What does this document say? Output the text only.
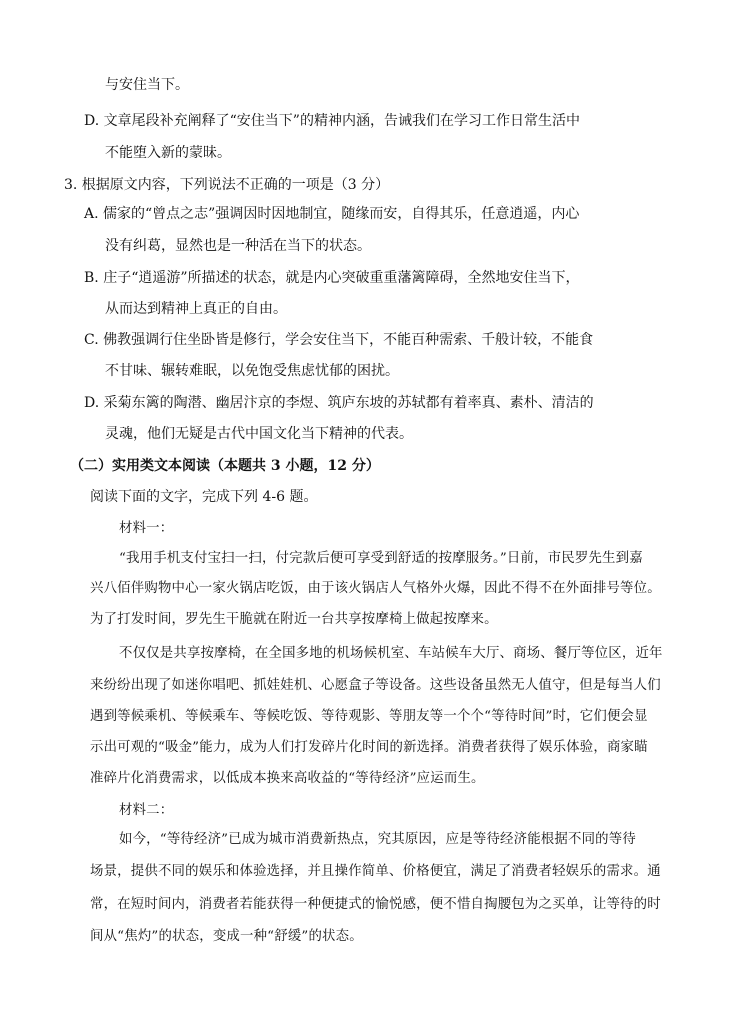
与安住当下。
D. 文章尾段补充阐释了“安住当下”的精神内涵，告诫我们在学习工作日常生活中
不能堕入新的蒙昧。
3. 根据原文内容，下列说法不正确的一项是（3 分）
A. 儒家的“曾点之志”强调因时因地制宜，随缘而安，自得其乐，任意逍遥，内心
没有纠葛，显然也是一种活在当下的状态。
B. 庄子“逍遥游”所描述的状态，就是内心突破重重藩篱障碍，全然地安住当下，
从而达到精神上真正的自由。
C. 佛教强调行住坐卧皆是修行，学会安住当下，不能百种需索、千般计较，不能食
不甘味、辗转难眠，以免饱受焦虑忧郁的困扰。
D. 采菊东篱的陶潜、幽居汴京的李煜、筑庐东坡的苏轼都有着率真、素朴、清洁的
灵魂，他们无疑是古代中国文化当下精神的代表。
（二）实用类文本阅读（本题共 3 小题，12 分）
阅读下面的文字，完成下列 4-6 题。
材料一：
“我用手机支付宝扫一扫，付完款后便可享受到舒适的按摩服务。”日前，市民罗先生到嘉
兴八佰伴购物中心一家火锅店吃饭，由于该火锅店人气格外火爆，因此不得不在外面排号等位。
为了打发时间，罗先生干脆就在附近一台共享按摩椅上做起按摩来。
不仅仅是共享按摩椅，在全国多地的机场候机室、车站候车大厅、商场、餐厅等位区，近年
来纷纷出现了如迷你唱吧、抓娃娃机、心愿盒子等设备。这些设备虽然无人值守，但是每当人们
遇到等候乘机、等候乘车、等候吃饭、等待观影、等朋友等一个个“等待时间”时，它们便会显
示出可观的“吸金”能力，成为人们打发碎片化时间的新选择。消费者获得了娱乐体验，商家瞄
准碎片化消费需求，以低成本换来高收益的“等待经济”应运而生。
材料二：
如今，“等待经济”已成为城市消费新热点，究其原因，应是等待经济能根据不同的等待
场景，提供不同的娱乐和体验选择，并且操作简单、价格便宜，满足了消费者轻娱乐的需求。通
常，在短时间内，消费者若能获得一种便捷式的愉悦感，便不惜自掏腰包为之买单，让等待的时
间从“焦灼”的状态，变成一种“舒缓”的状态。
